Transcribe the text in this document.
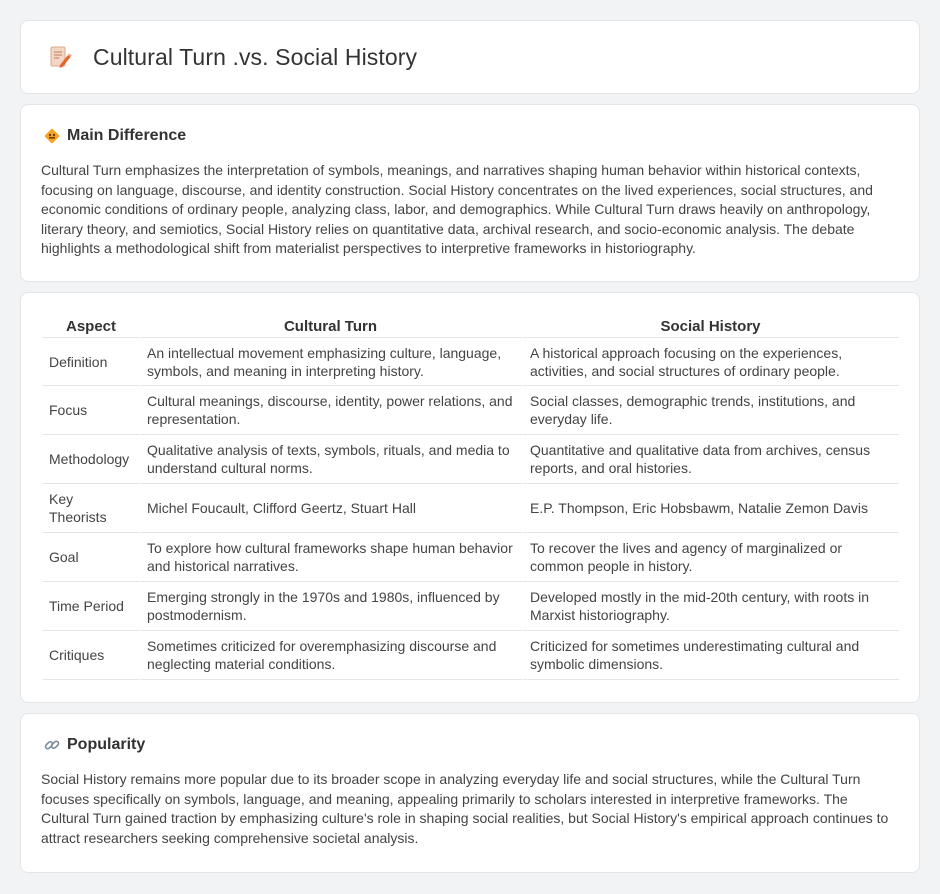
Cultural Turn .vs. Social History
Main Difference

Cultural Turn emphasizes the interpretation of symbols, meanings, and narratives shaping human behavior within historical contexts, focusing on language, discourse, and identity construction. Social History concentrates on the lived experiences, social structures, and economic conditions of ordinary people, analyzing class, labor, and demographics. While Cultural Turn draws heavily on anthropology, literary theory, and semiotics, Social History relies on quantitative data, archival research, and socio-economic analysis. The debate highlights a methodological shift from materialist perspectives to interpretive frameworks in historiography.

Aspect	Cultural Turn	Social History
Definition	An intellectual movement emphasizing culture, language, symbols, and meaning in interpreting history.	A historical approach focusing on the experiences, activities, and social structures of ordinary people.
Focus	Cultural meanings, discourse, identity, power relations, and representation.	Social classes, demographic trends, institutions, and everyday life.
Methodology	Qualitative analysis of texts, symbols, rituals, and media to understand cultural norms.	Quantitative and qualitative data from archives, census reports, and oral histories.
Key Theorists	Michel Foucault, Clifford Geertz, Stuart Hall	E.P. Thompson, Eric Hobsbawm, Natalie Zemon Davis
Goal	To explore how cultural frameworks shape human behavior and historical narratives.	To recover the lives and agency of marginalized or common people in history.
Time Period	Emerging strongly in the 1970s and 1980s, influenced by postmodernism.	Developed mostly in the mid-20th century, with roots in Marxist historiography.
Critiques	Sometimes criticized for overemphasizing discourse and neglecting material conditions.	Criticized for sometimes underestimating cultural and symbolic dimensions.
Popularity

Social History remains more popular due to its broader scope in analyzing everyday life and social structures, while the Cultural Turn focuses specifically on symbols, language, and meaning, appealing primarily to scholars interested in interpretive frameworks. The Cultural Turn gained traction by emphasizing culture's role in shaping social realities, but Social History's empirical approach continues to attract researchers seeking comprehensive societal analysis.
